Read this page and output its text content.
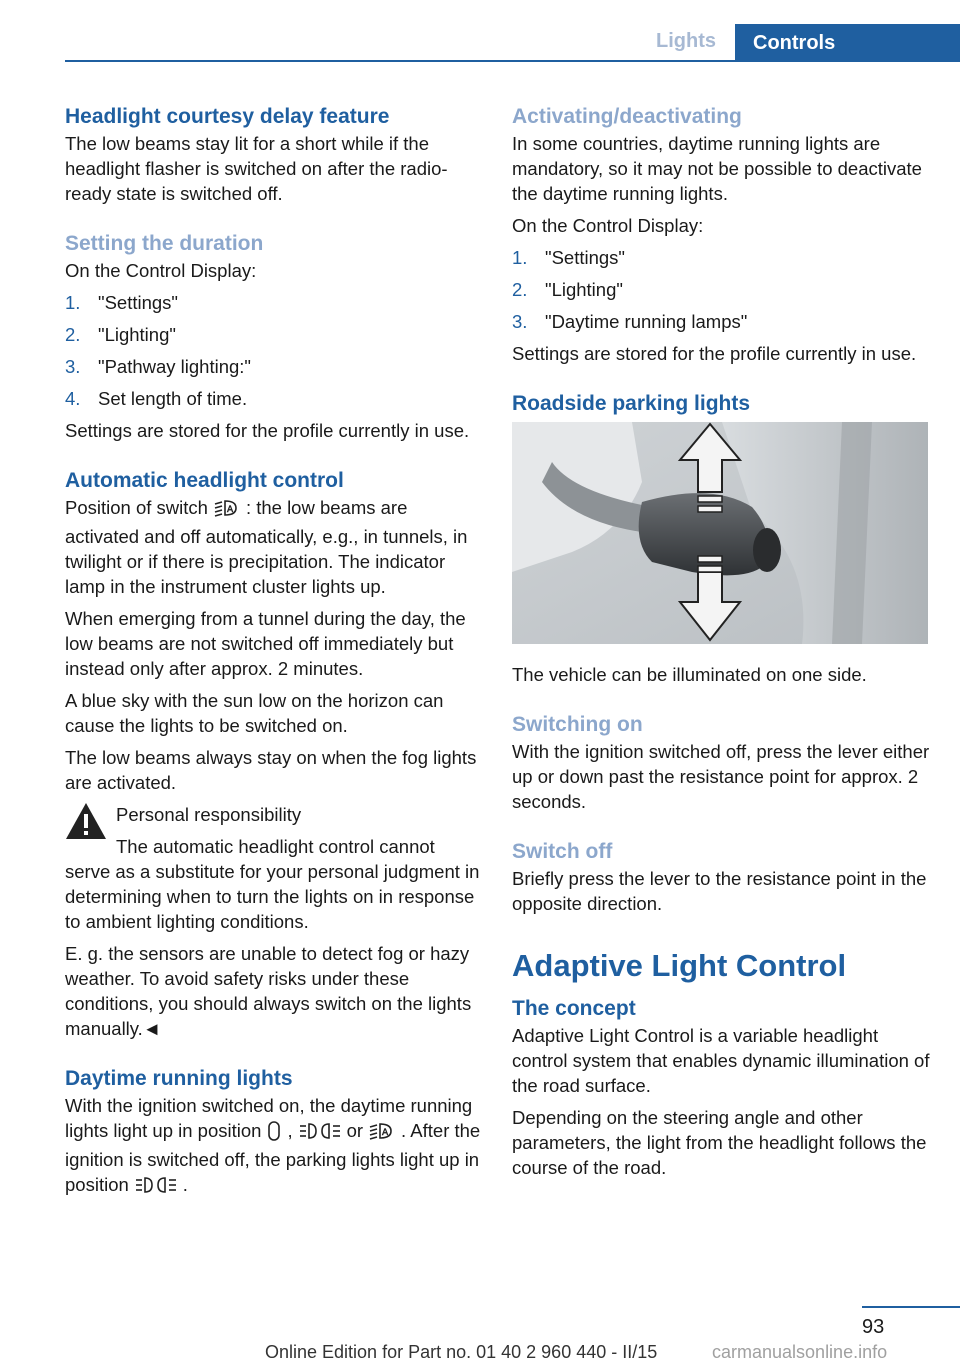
Lights	Controls
Headlight courtesy delay feature

The low beams stay lit for a short while if the headlight flasher is switched on after the radio-ready state is switched off.

Setting the duration

On the Control Display:

1. "Settings"
2. "Lighting"
3. "Pathway lighting:"
4. Set length of time.

Settings are stored for the profile currently in use.

Automatic headlight control

Position of switch A : the low beams are activated and off automatically, e.g., in tunnels, in twilight or if there is precipitation. The indicator lamp in the instrument cluster lights up.

When emerging from a tunnel during the day, the low beams are not switched off immediately but instead only after approx. 2 minutes.

A blue sky with the sun low on the horizon can cause the lights to be switched on.

The low beams always stay on when the fog lights are activated.

Personal responsibility

The automatic headlight control cannot serve as a substitute for your personal judgment in determining when to turn the lights on in response to ambient lighting conditions.

E. g. the sensors are unable to detect fog or hazy weather. To avoid safety risks under these conditions, you should always switch on the lights manually.◄

Daytime running lights

With the ignition switched on, the daytime running lights light up in position ,	or A . After the ignition is switched off, the parking lights light up in position	.

Activating/deactivating

In some countries, daytime running lights are mandatory, so it may not be possible to deactivate the daytime running lights.

On the Control Display:

1. "Settings"
2. "Lighting"
3. "Daytime running lamps"

Settings are stored for the profile currently in use.

Roadside parking lights

The vehicle can be illuminated on one side.

Switching on

With the ignition switched off, press the lever either up or down past the resistance point for approx. 2 seconds.

Switch off

Briefly press the lever to the resistance point in the opposite direction.

Adaptive Light Control
The concept

Adaptive Light Control is a variable headlight control system that enables dynamic illumination of the road surface.

Depending on the steering angle and other parameters, the light from the headlight follows the course of the road.

93
Online Edition for Part no. 01 40 2 960 440 - II/15	carmanualsonline.info
